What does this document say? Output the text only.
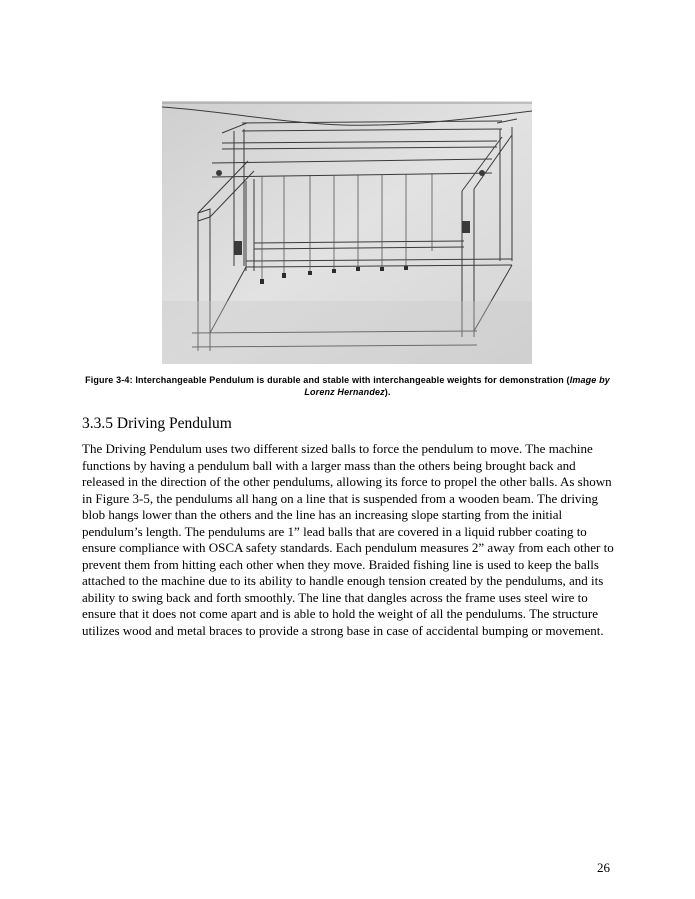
Figure 3-4: Interchangeable Pendulum is durable and stable with interchangeable weights for demonstration (Image by Lorenz Hernandez).
3.3.5 Driving Pendulum

The Driving Pendulum uses two different sized balls to force the pendulum to move. The machine functions by having a pendulum ball with a larger mass than the others being brought back and released in the direction of the other pendulums, allowing its force to propel the other balls. As shown in Figure 3-5, the pendulums all hang on a line that is suspended from a wooden beam. The driving blob hangs lower than the others and the line has an increasing slope starting from the initial pendulum’s length. The pendulums are 1” lead balls that are covered in a liquid rubber coating to ensure compliance with OSCA safety standards. Each pendulum measures 2” away from each other to prevent them from hitting each other when they move. Braided fishing line is used to keep the balls attached to the machine due to its ability to handle enough tension created by the pendulums, and its ability to swing back and forth smoothly. The line that dangles across the frame uses steel wire to ensure that it does not come apart and is able to hold the weight of all the pendulums. The structure utilizes wood and metal braces to provide a strong base in case of accidental bumping or movement.

26
